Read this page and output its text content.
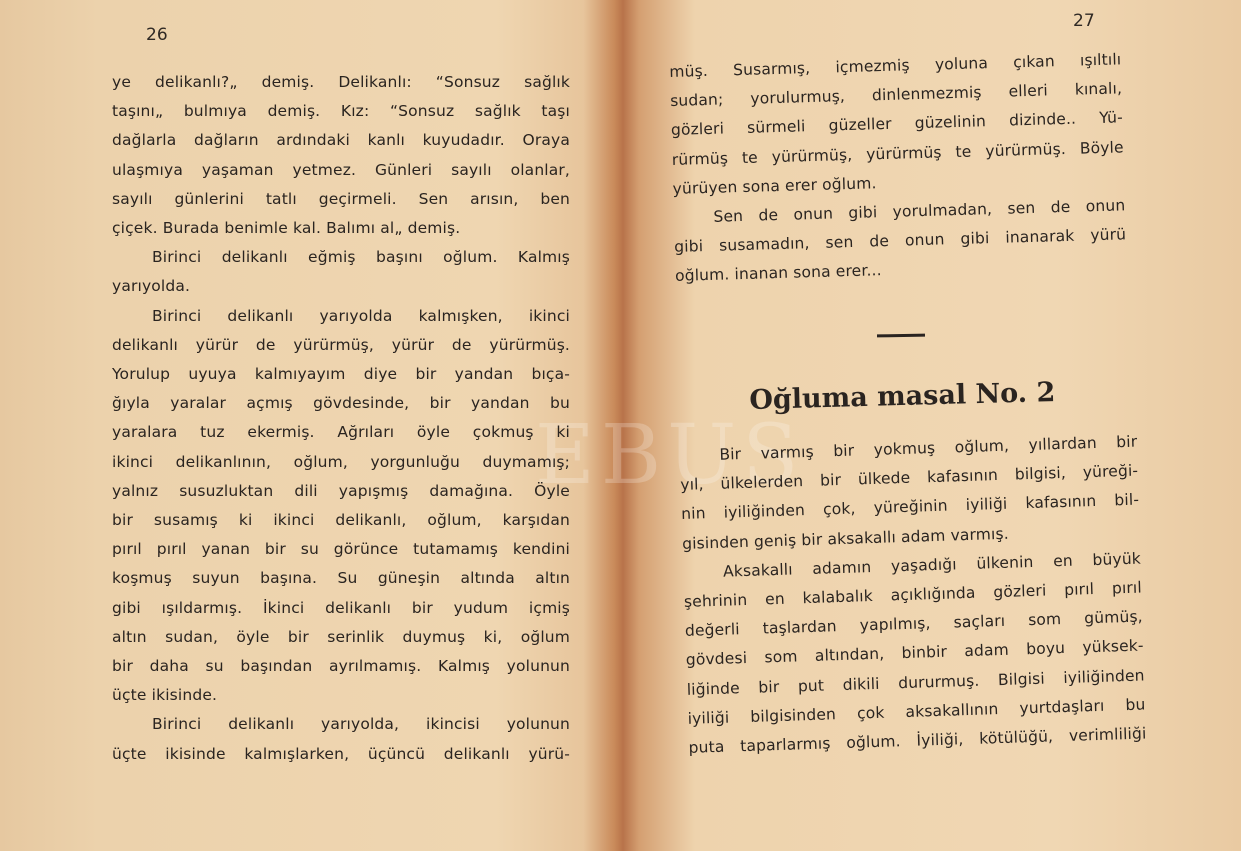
EBUS
26
ye delikanlı?„ demiş. Delikanlı: “Sonsuz sağlık
taşını„ bulmıya demiş. Kız: “Sonsuz sağlık taşı
dağlarla dağların ardındaki kanlı kuyudadır. Oraya
ulaşmıya yaşaman yetmez. Günleri sayılı olanlar,
sayılı günlerini tatlı geçirmeli. Sen arısın, ben
çiçek. Burada benimle kal. Balımı al„ demiş.
Birinci delikanlı eğmiş başını oğlum. Kalmış
yarıyolda.
Birinci delikanlı yarıyolda kalmışken, ikinci
delikanlı yürür de yürürmüş, yürür de yürürmüş.
Yorulup uyuya kalmıyayım diye bir yandan bıça-
ğıyla yaralar açmış gövdesinde, bir yandan bu
yaralara tuz ekermiş. Ağrıları öyle çokmuş ki
ikinci delikanlının, oğlum, yorgunluğu duymamış;
yalnız susuzluktan dili yapışmış damağına. Öyle
bir susamış ki ikinci delikanlı, oğlum, karşıdan
pırıl pırıl yanan bir su görünce tutamamış kendini
koşmuş suyun başına. Su güneşin altında altın
gibi ışıldarmış. İkinci delikanlı bir yudum içmiş
altın sudan, öyle bir serinlik duymuş ki, oğlum
bir daha su başından ayrılmamış. Kalmış yolunun
üçte ikisinde.
Birinci delikanlı yarıyolda, ikincisi yolunun
üçte ikisinde kalmışlarken, üçüncü delikanlı yürü-
27
müş. Susarmış, içmezmiş yoluna çıkan ışıltılı
sudan; yorulurmuş, dinlenmezmiş elleri kınalı,
gözleri sürmeli güzeller güzelinin dizinde.. Yü-
rürmüş te yürürmüş, yürürmüş te yürürmüş. Böyle
yürüyen sona erer oğlum.
Sen de onun gibi yorulmadan, sen de onun
gibi susamadın, sen de onun gibi inanarak yürü
oğlum. inanan sona erer...
Oğluma masal No. 2
Bir varmış bir yokmuş oğlum, yıllardan bir
yıl, ülkelerden bir ülkede kafasının bilgisi, yüreği-
nin iyiliğinden çok, yüreğinin iyiliği kafasının bil-
gisinden geniş bir aksakallı adam varmış.
Aksakallı adamın yaşadığı ülkenin en büyük
şehrinin en kalabalık açıklığında gözleri pırıl pırıl
değerli taşlardan yapılmış, saçları som gümüş,
gövdesi som altından, binbir adam boyu yüksek-
liğinde bir put dikili dururmuş. Bilgisi iyiliğinden
iyiliği bilgisinden çok aksakallının yurtdaşları bu
puta taparlarmış oğlum. İyiliği, kötülüğü, verimliliği
